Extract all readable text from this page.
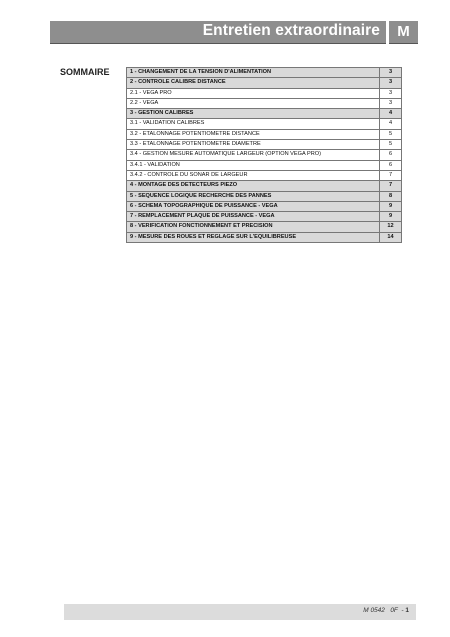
Entretien extraordinaire	M
SOMMAIRE	1 - CHANGEMENT DE LA TENSION D'ALIMENTATION	3
2 - CONTROLE CALIBRE DISTANCE	3
2.1 - VEGA PRO	3
2.2 - VEGA	3
3 - GESTION CALIBRES	4
3.1 - VALIDATION CALIBRES	4
3.2 - ETALONNAGE POTENTIOMETRE DISTANCE	5
3.3 - ETALONNAGE POTENTIOMETRE DIAMETRE	5
3.4 - GESTION MESURE AUTOMATIQUE LARGEUR (OPTION VEGA PRO)	6
3.4.1 - VALIDATION	6
3.4.2 - CONTROLE DU SONAR DE LARGEUR	7
4 - MONTAGE DES DETECTEURS PIEZO	7
5 - SEQUENCE LOGIQUE RECHERCHE DES PANNES	8
6 - SCHEMA TOPOGRAPHIQUE DE PUISSANCE - VEGA	9
7 - REMPLACEMENT PLAQUE DE PUISSANCE - VEGA	9
8 - VERIFICATION FONCTIONNEMENT ET PRECISION	12
9 - MESURE DES ROUES ET REGLAGE SUR L'EQUILIBREUSE	14
M 0542   0F  - 1
